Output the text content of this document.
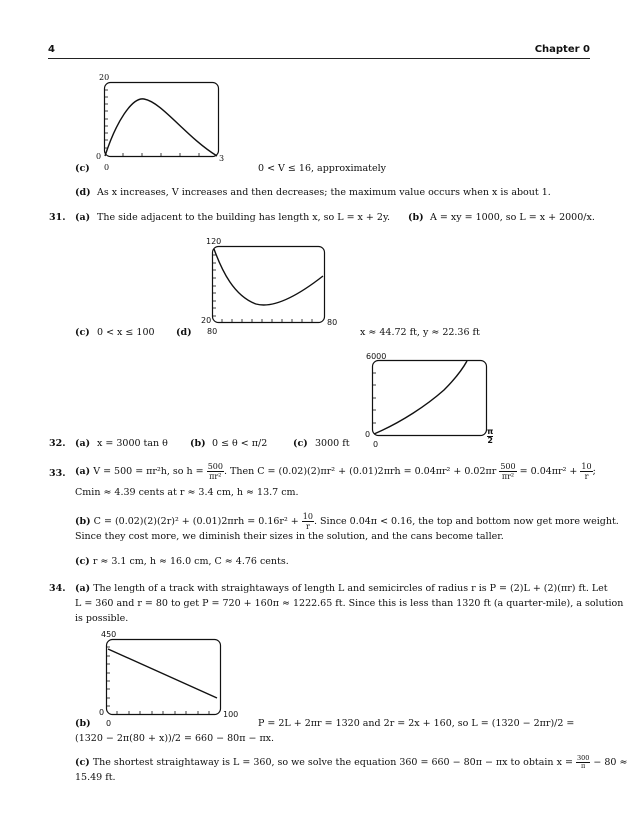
4	Chapter 0
20
0
0
3
(c)	0 < V ≤ 16, approximately
(d) As x increases, V increases and then decreases; the maximum value occurs when x is about 1.
31. (a) The side adjacent to the building has length x, so L = x + 2y. (b) A = xy = 1000, so L = x + 2000/x.
120
20
80
80
(c) 0 < x ≤ 100 (d)	x ≈ 44.72 ft, y ≈ 22.36 ft
6000
0
0	$\frac{\pi}{2}$
32. (a) x = 3000 tan θ (b) 0 ≤ θ < π/2	(c) 3000 ft
33. (a) V = 500 = πr²h, so $h = \frac{500}{\text{πr²}}$ . Then $C = (0.02)(2)\pi r^2 + (0.01)2\pi rh = 0.04\pi r^2 + 0.02\pi r \frac{500}{\text{πr²}} = 0.04\pi r^2 + \frac{10}{r}$ ;
Cmin ≈ 4.39 cents at r ≈ 3.4 cm, h ≈ 13.7 cm.
(b) $C = (0.02)(2)(2r)^2 + (0.01)2\pi rh = 0.16r^2 + \frac{10}{r}$ . Since 0.04π < 0.16, the top and bottom now get more weight.
Since they cost more, we diminish their sizes in the solution, and the cans become taller.
(c) r ≈ 3.1 cm, h ≈ 16.0 cm, C ≈ 4.76 cents.
34. (a) The length of a track with straightaways of length L and semicircles of radius r is P = (2)L + (2)(πr) ft. Let
L = 360 and r = 80 to get P = 720 + 160π ≈ 1222.65 ft. Since this is less than 1320 ft (a quarter-mile), a solution
is possible.
450
0
0
100
(b)	P = 2L + 2πr = 1320 and 2r = 2x + 160, so L = (1320 − 2πr)/2 =
(1320 − 2π(80 + x))/2 = 660 − 80π − πx.
(c) The shortest straightaway is L = 360, so we solve the equation 360 = 660 − 80π − πx to obtain $x = \frac{300}{\pi} - 80$ ≈
15.49 ft.
